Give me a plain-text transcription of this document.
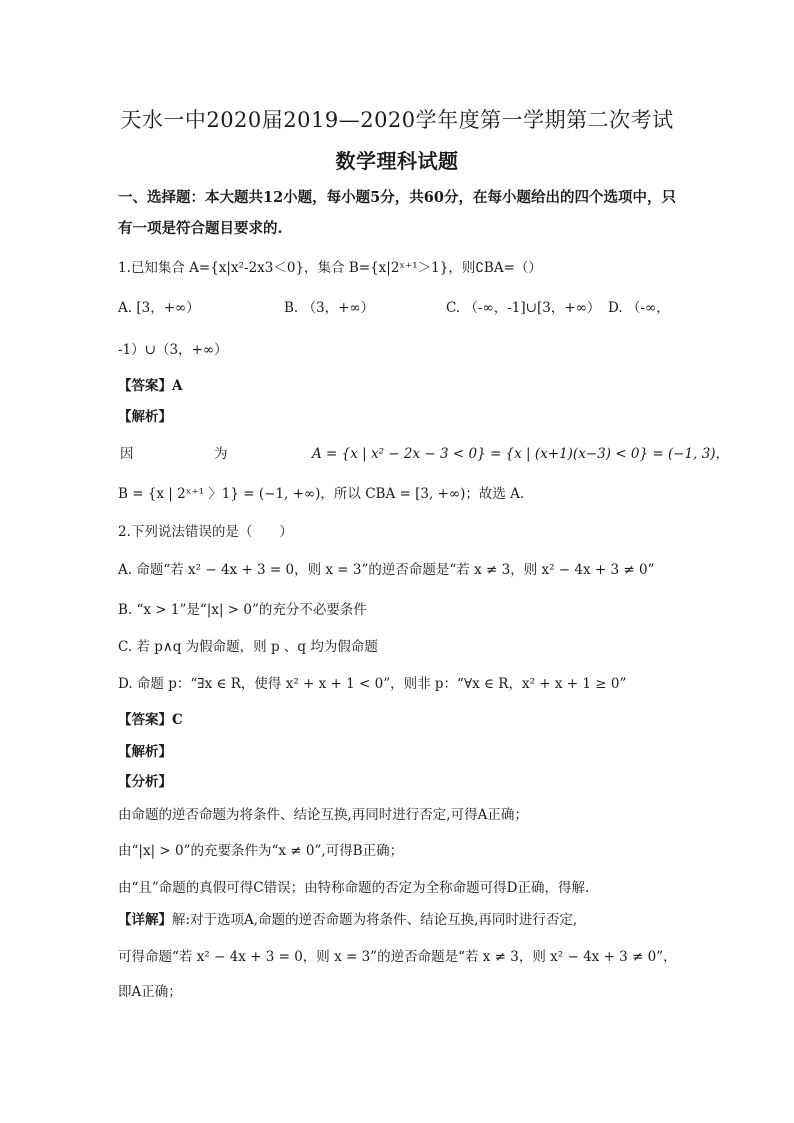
天水一中2020届2019—2020学年度第一学期第二次考试
数学理科试题
一、选择题：本大题共12小题，每小题5分，共60分，在每小题给出的四个选项中，只
有一项是符合题目要求的.
1.已知集合 A={x|x²-2x3＜0}，集合 B={x|2ˣ⁺¹＞1}，则∁BA=（）
A. [3，+∞）	B. （3，+∞）	C. （-∞，-1]∪[3，+∞） D. （-∞，
-1）∪（3，+∞）
【答案】A
【解析】
因	为	A = {x | x² − 2x − 3 < 0} = {x | (x+1)(x−3) < 0} = (−1, 3)，
B = {x | 2ˣ⁺¹ 〉1} = (−1, +∞)，所以 CBA = [3, +∞)；故选 A.
2.下列说法错误的是（　　）
A. 命题“若 x² − 4x + 3 = 0，则 x = 3”的逆否命题是“若 x ≠ 3，则 x² − 4x + 3 ≠ 0”
B. “x > 1”是“|x| > 0”的充分不必要条件
C. 若 p∧q 为假命题，则 p 、q 均为假命题
D. 命题 p：“∃x ∈ R，使得 x² + x + 1 < 0”，则非 p：“∀x ∈ R，x² + x + 1 ≥ 0”
【答案】C
【解析】
【分析】
由命题的逆否命题为将条件、结论互换,再同时进行否定,可得A正确；
由“|x| > 0”的充要条件为“x ≠ 0”,可得B正确；
由“且”命题的真假可得C错误；由特称命题的否定为全称命题可得D正确，得解.
【详解】解:对于选项A,命题的逆否命题为将条件、结论互换,再同时进行否定,
可得命题“若 x² − 4x + 3 = 0，则 x = 3”的逆否命题是“若 x ≠ 3，则 x² − 4x + 3 ≠ 0”，
即A正确；
